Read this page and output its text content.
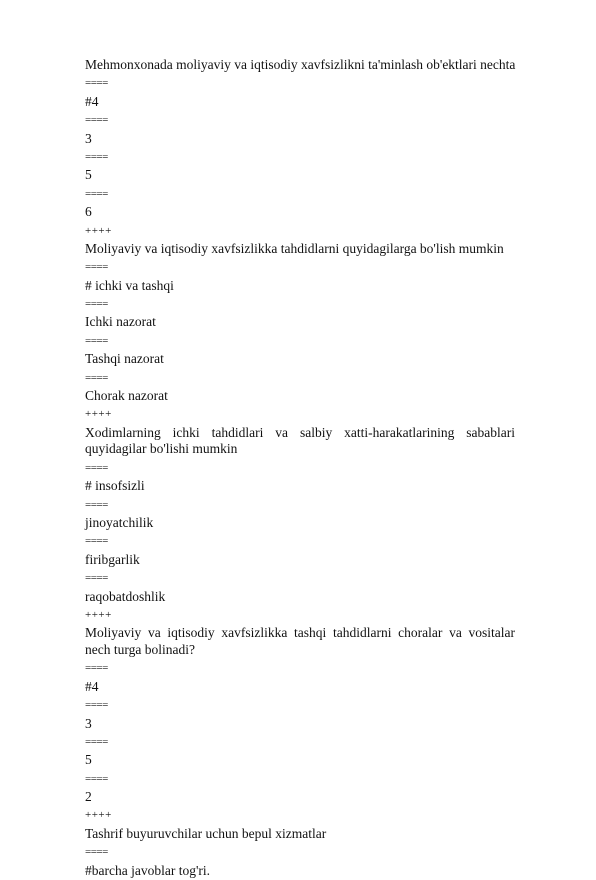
Mehmonxonada moliyaviy va iqtisodiy xavfsizlikni ta'minlash ob'ektlari nechta
====
#4
====
3
====
5
====
6
++++
Moliyaviy va iqtisodiy xavfsizlikka tahdidlarni quyidagilarga bo'lish mumkin
====
# ichki va tashqi
====
Ichki nazorat
====
Tashqi nazorat
====
Chorak nazorat
++++
Xodimlarning ichki tahdidlari va salbiy xatti-harakatlarining sabablari quyidagilar bo'lishi mumkin
====
# insofsizli
====
jinoyatchilik
====
firibgarlik
====
raqobatdoshlik
++++
Moliyaviy va iqtisodiy xavfsizlikka tashqi tahdidlarni choralar va vositalar nech turga bolinadi?
====
#4
====
3
====
5
====
2
++++
Tashrif buyuruvchilar uchun bepul xizmatlar
====
#barcha javoblar tog'ri.
